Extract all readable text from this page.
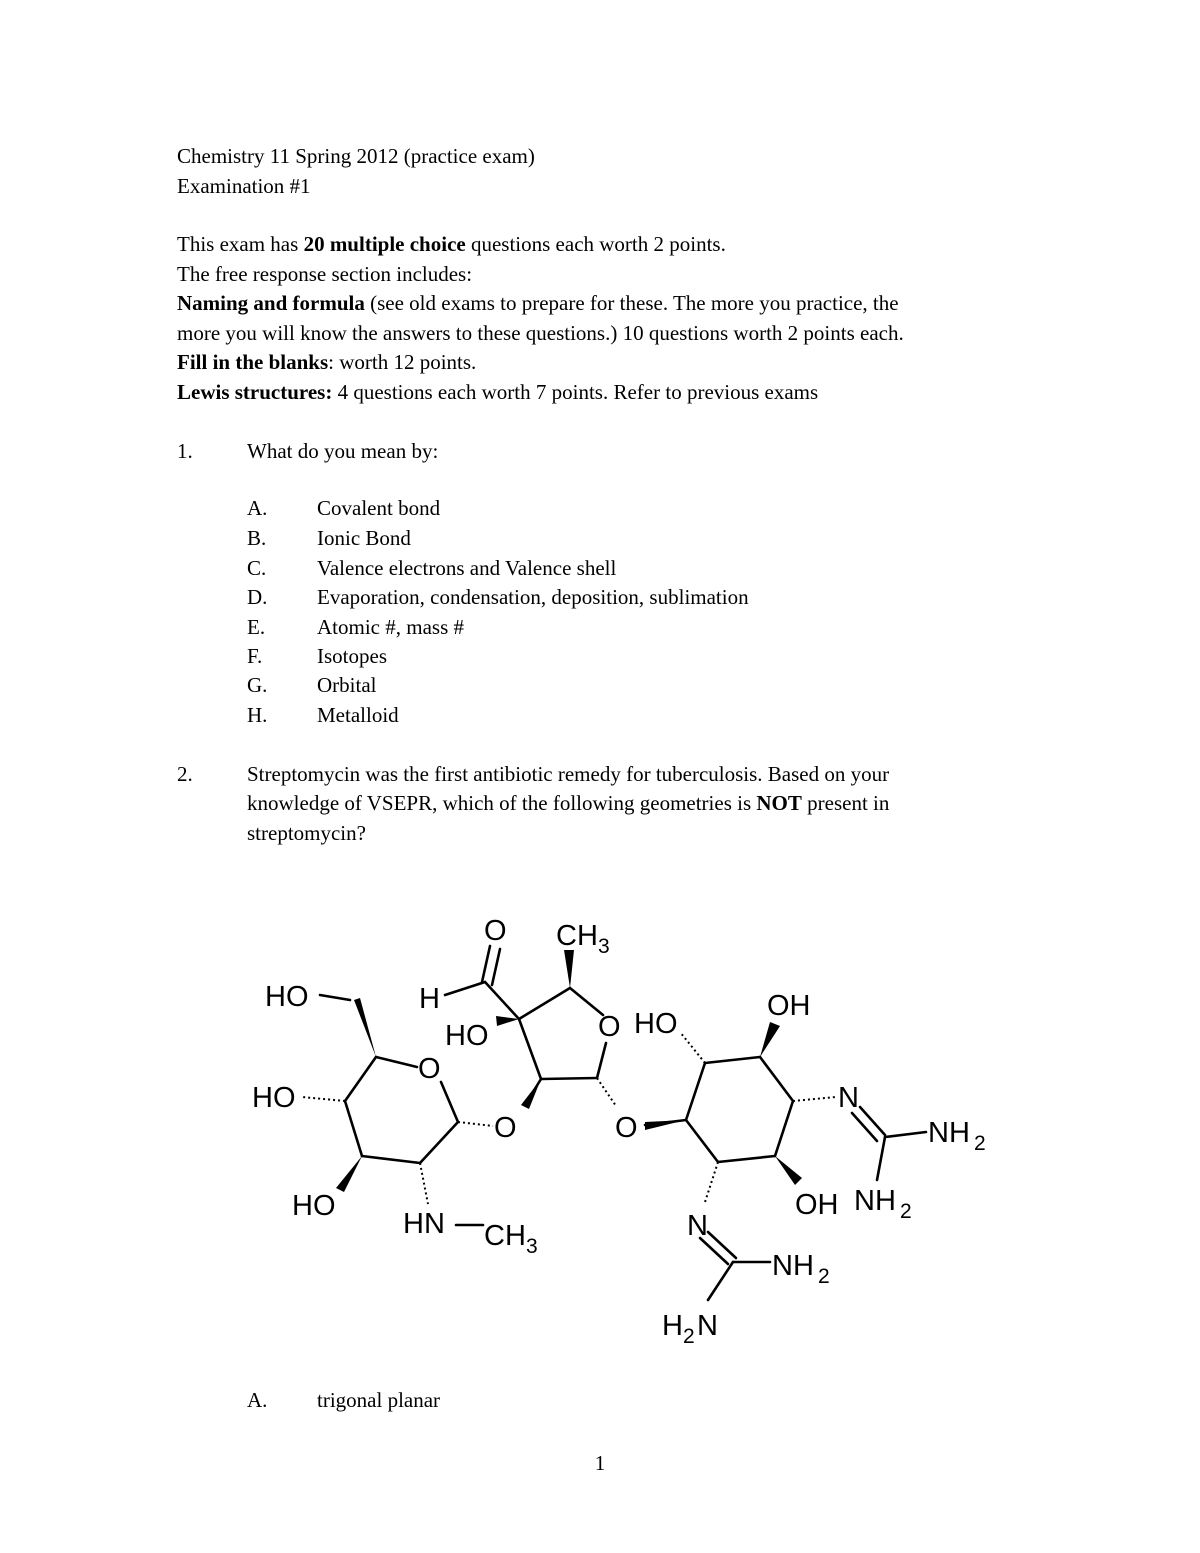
Chemistry 11 Spring 2012 (practice exam)
Examination #1
This exam has 20 multiple choice questions each worth 2 points.
The free response section includes:
Naming and formula (see old exams to prepare for these. The more you practice, the
more you will know the answers to these questions.) 10 questions worth 2 points each.
Fill in the blanks: worth 12 points.
Lewis structures: 4 questions each worth 7 points. Refer to previous exams
1.	What do you mean by:
A. Covalent bond
B. Ionic Bond
C. Valence electrons and Valence shell
D. Evaporation, condensation, deposition, sublimation
E. Atomic #, mass #
F.	Isotopes
G. Orbital
H. Metalloid
2.	Streptomycin was the first antibiotic remedy for tuberculosis. Based on your
knowledge of VSEPR, which of the following geometries is NOT present in
streptomycin?
O CH 3
H
HO
HO	O HO
OH
O
HO
O	O
N
NH 2
HO
HN CH 3
N
OH NH 2
NH 2
H 2 N
A. trigonal planar
1
